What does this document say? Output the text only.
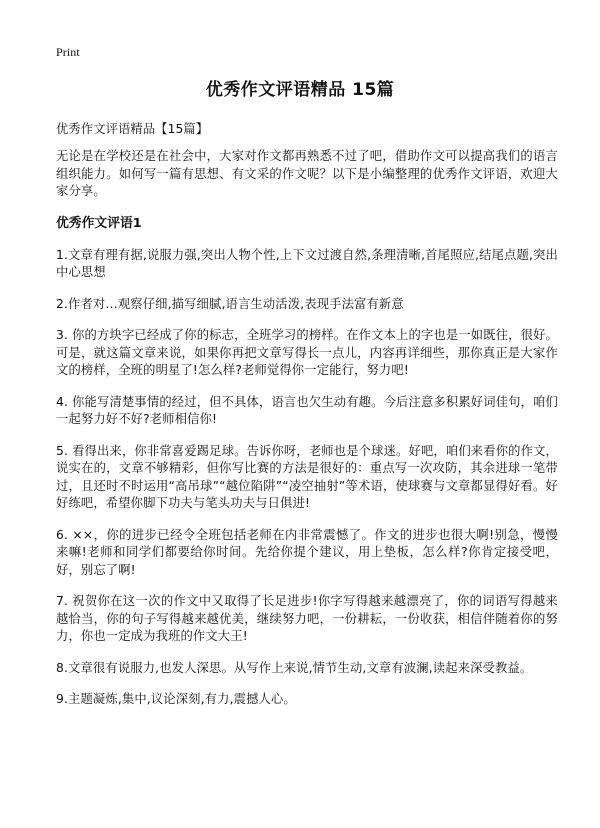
Print
优秀作文评语精品 15篇
优秀作文评语精品【15篇】

无论是在学校还是在社会中，大家对作文都再熟悉不过了吧，借助作文可以提高我们的语言组织能力。如何写一篇有思想、有文采的作文呢？以下是小编整理的优秀作文评语，欢迎大家分享。

优秀作文评语1

1.文章有理有据,说服力强,突出人物个性,上下文过渡自然,条理清晰,首尾照应,结尾点题,突出中心思想

2.作者对…观察仔细,描写细腻,语言生动活泼,表现手法富有新意

3. 你的方块字已经成了你的标志，全班学习的榜样。在作文本上的字也是一如既往，很好。可是，就这篇文章来说，如果你再把文章写得长一点儿，内容再详细些，那你真正是大家作文的榜样，全班的明星了!怎么样?老师觉得你一定能行，努力吧!

4. 你能写清楚事情的经过，但不具体，语言也欠生动有趣。今后注意多积累好词佳句，咱们一起努力好不好?老师相信你!

5. 看得出来，你非常喜爱踢足球。告诉你呀，老师也是个球迷。好吧，咱们来看你的作文，说实在的，文章不够精彩，但你写比赛的方法是很好的：重点写一次攻防，其余进球一笔带过，且还时不时运用“高吊球”“越位陷阱”“凌空抽射”等术语，使球赛与文章都显得好看。好好练吧，希望你脚下功夫与笔头功夫与日俱进!

6. ××，你的进步已经令全班包括老师在内非常震憾了。作文的进步也很大啊!别急，慢慢来嘛!老师和同学们都要给你时间。先给你提个建议，用上垫板，怎么样?你肯定接受吧，好，别忘了啊!

7. 祝贺你在这一次的作文中又取得了长足进步!你字写得越来越漂亮了，你的词语写得越来越恰当，你的句子写得越来越优美，继续努力吧，一份耕耘，一份收获，相信伴随着你的努力，你也一定成为我班的作文大王!

8.文章很有说服力,也发人深思。从写作上来说,情节生动,文章有波澜,读起来深受教益。

9.主题凝炼,集中,议论深刻,有力,震撼人心。
